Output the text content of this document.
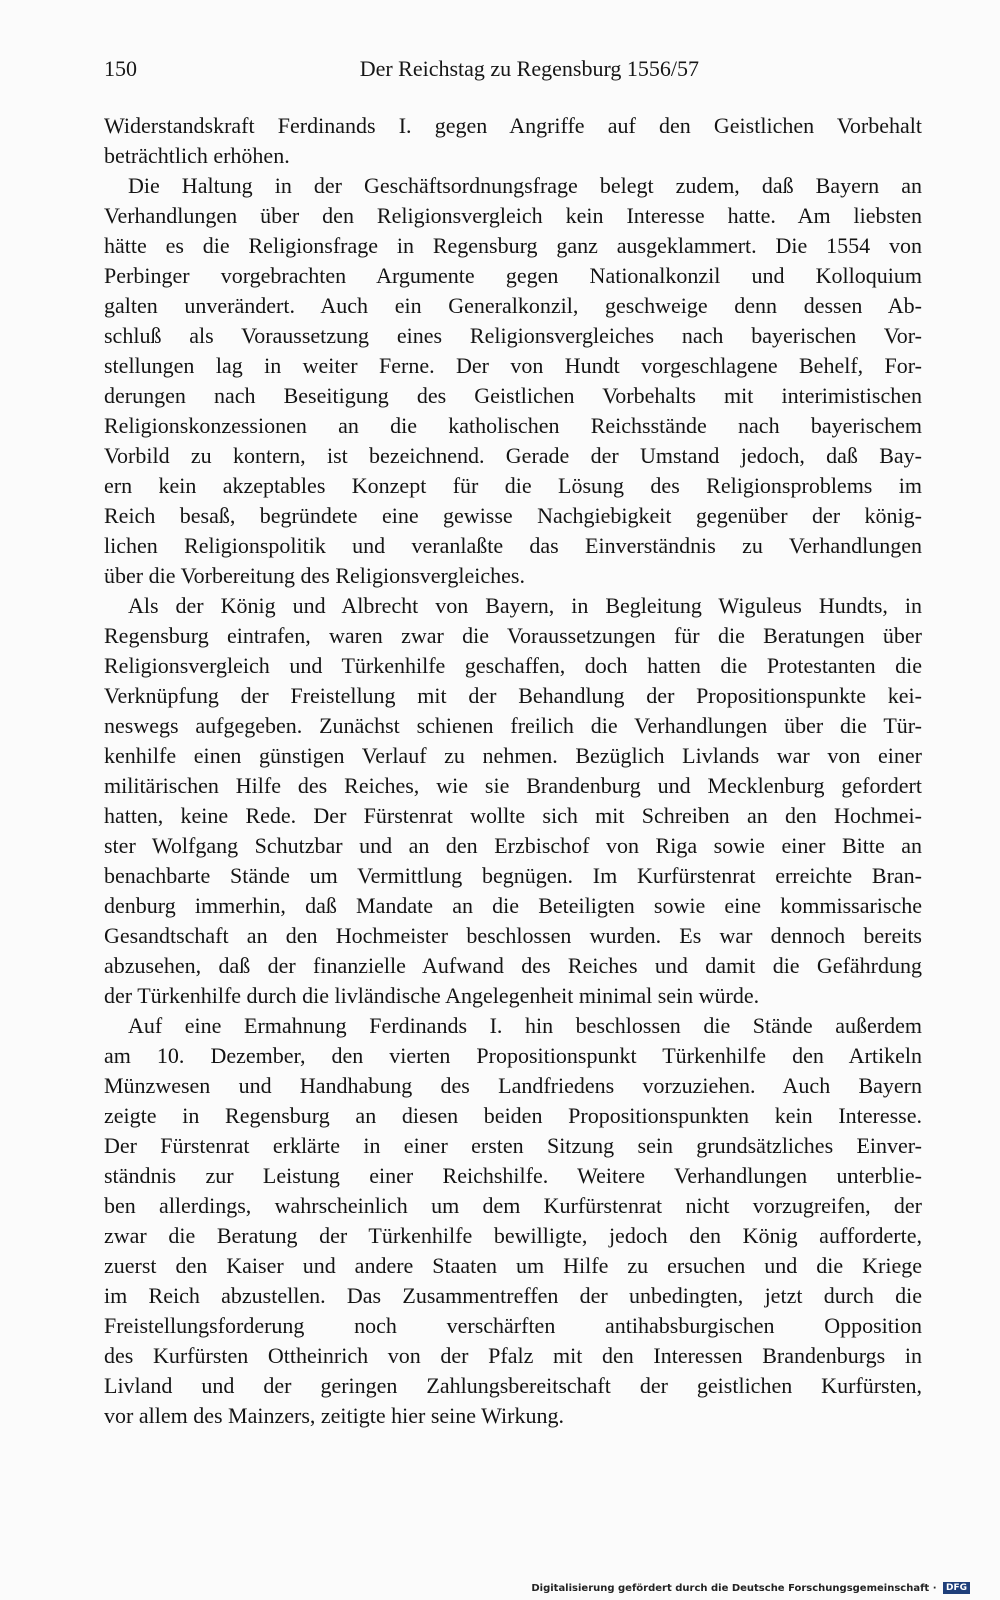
150	Der Reichstag zu Regensburg 1556/57
Widerstandskraft Ferdinands I. gegen Angriffe auf den Geistlichen Vorbehalt
beträchtlich erhöhen.
Die Haltung in der Geschäftsordnungsfrage belegt zudem, daß Bayern an
Verhandlungen über den Religionsvergleich kein Interesse hatte. Am liebsten
hätte es die Religionsfrage in Regensburg ganz ausgeklammert. Die 1554 von
Perbinger vorgebrachten Argumente gegen Nationalkonzil und Kolloquium
galten unverändert. Auch ein Generalkonzil, geschweige denn dessen Ab-
schluß als Voraussetzung eines Religionsvergleiches nach bayerischen Vor-
stellungen lag in weiter Ferne. Der von Hundt vorgeschlagene Behelf, For-
derungen nach Beseitigung des Geistlichen Vorbehalts mit interimistischen
Religionskonzessionen an die katholischen Reichsstände nach bayerischem
Vorbild zu kontern, ist bezeichnend. Gerade der Umstand jedoch, daß Bay-
ern kein akzeptables Konzept für die Lösung des Religionsproblems im
Reich besaß, begründete eine gewisse Nachgiebigkeit gegenüber der könig-
lichen Religionspolitik und veranlaßte das Einverständnis zu Verhandlungen
über die Vorbereitung des Religionsvergleiches.
Als der König und Albrecht von Bayern, in Begleitung Wiguleus Hundts, in
Regensburg eintrafen, waren zwar die Voraussetzungen für die Beratungen über
Religionsvergleich und Türkenhilfe geschaffen, doch hatten die Protestanten die
Verknüpfung der Freistellung mit der Behandlung der Propositionspunkte kei-
neswegs aufgegeben. Zunächst schienen freilich die Verhandlungen über die Tür-
kenhilfe einen günstigen Verlauf zu nehmen. Bezüglich Livlands war von einer
militärischen Hilfe des Reiches, wie sie Brandenburg und Mecklenburg gefordert
hatten, keine Rede. Der Fürstenrat wollte sich mit Schreiben an den Hochmei-
ster Wolfgang Schutzbar und an den Erzbischof von Riga sowie einer Bitte an
benachbarte Stände um Vermittlung begnügen. Im Kurfürstenrat erreichte Bran-
denburg immerhin, daß Mandate an die Beteiligten sowie eine kommissarische
Gesandtschaft an den Hochmeister beschlossen wurden. Es war dennoch bereits
abzusehen, daß der finanzielle Aufwand des Reiches und damit die Gefährdung
der Türkenhilfe durch die livländische Angelegenheit minimal sein würde.
Auf eine Ermahnung Ferdinands I. hin beschlossen die Stände außerdem
am 10. Dezember, den vierten Propositionspunkt Türkenhilfe den Artikeln
Münzwesen und Handhabung des Landfriedens vorzuziehen. Auch Bayern
zeigte in Regensburg an diesen beiden Propositionspunkten kein Interesse.
Der Fürstenrat erklärte in einer ersten Sitzung sein grundsätzliches Einver-
ständnis zur Leistung einer Reichshilfe. Weitere Verhandlungen unterblie-
ben allerdings, wahrscheinlich um dem Kurfürstenrat nicht vorzugreifen, der
zwar die Beratung der Türkenhilfe bewilligte, jedoch den König aufforderte,
zuerst den Kaiser und andere Staaten um Hilfe zu ersuchen und die Kriege
im Reich abzustellen. Das Zusammentreffen der unbedingten, jetzt durch die
Freistellungsforderung noch verschärften antihabsburgischen Opposition
des Kurfürsten Ottheinrich von der Pfalz mit den Interessen Brandenburgs in
Livland und der geringen Zahlungsbereitschaft der geistlichen Kurfürsten,
vor allem des Mainzers, zeitigte hier seine Wirkung.
Digitalisierung gefördert durch die Deutsche Forschungsgemeinschaft · DFG
